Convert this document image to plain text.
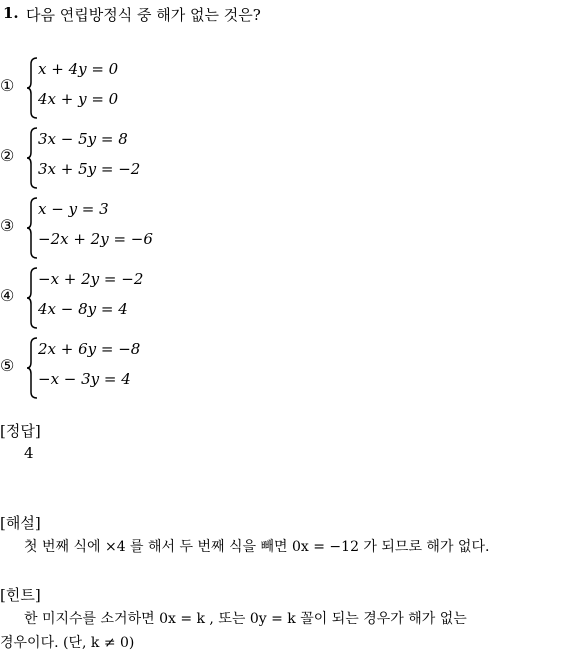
1. 다음 연립방정식 중 해가 없는 것은?
①
x + 4y = 0
4x + y = 0
②
3x − 5y = 8
3x + 5y = −2
③
x − y = 3
−2x + 2y = −6
④
−x + 2y = −2
4x − 8y = 4
⑤
2x + 6y = −8
−x − 3y = 4
[정답]
4
[해설]
첫 번째 식에 ×4 를 해서 두 번째 식을 빼면 0x = −12 가 되므로 해가 없다.
[힌트]
한 미지수를 소거하면 0x = k , 또는 0y = k 꼴이 되는 경우가 해가 없는
경우이다. (단, k ≠ 0)
